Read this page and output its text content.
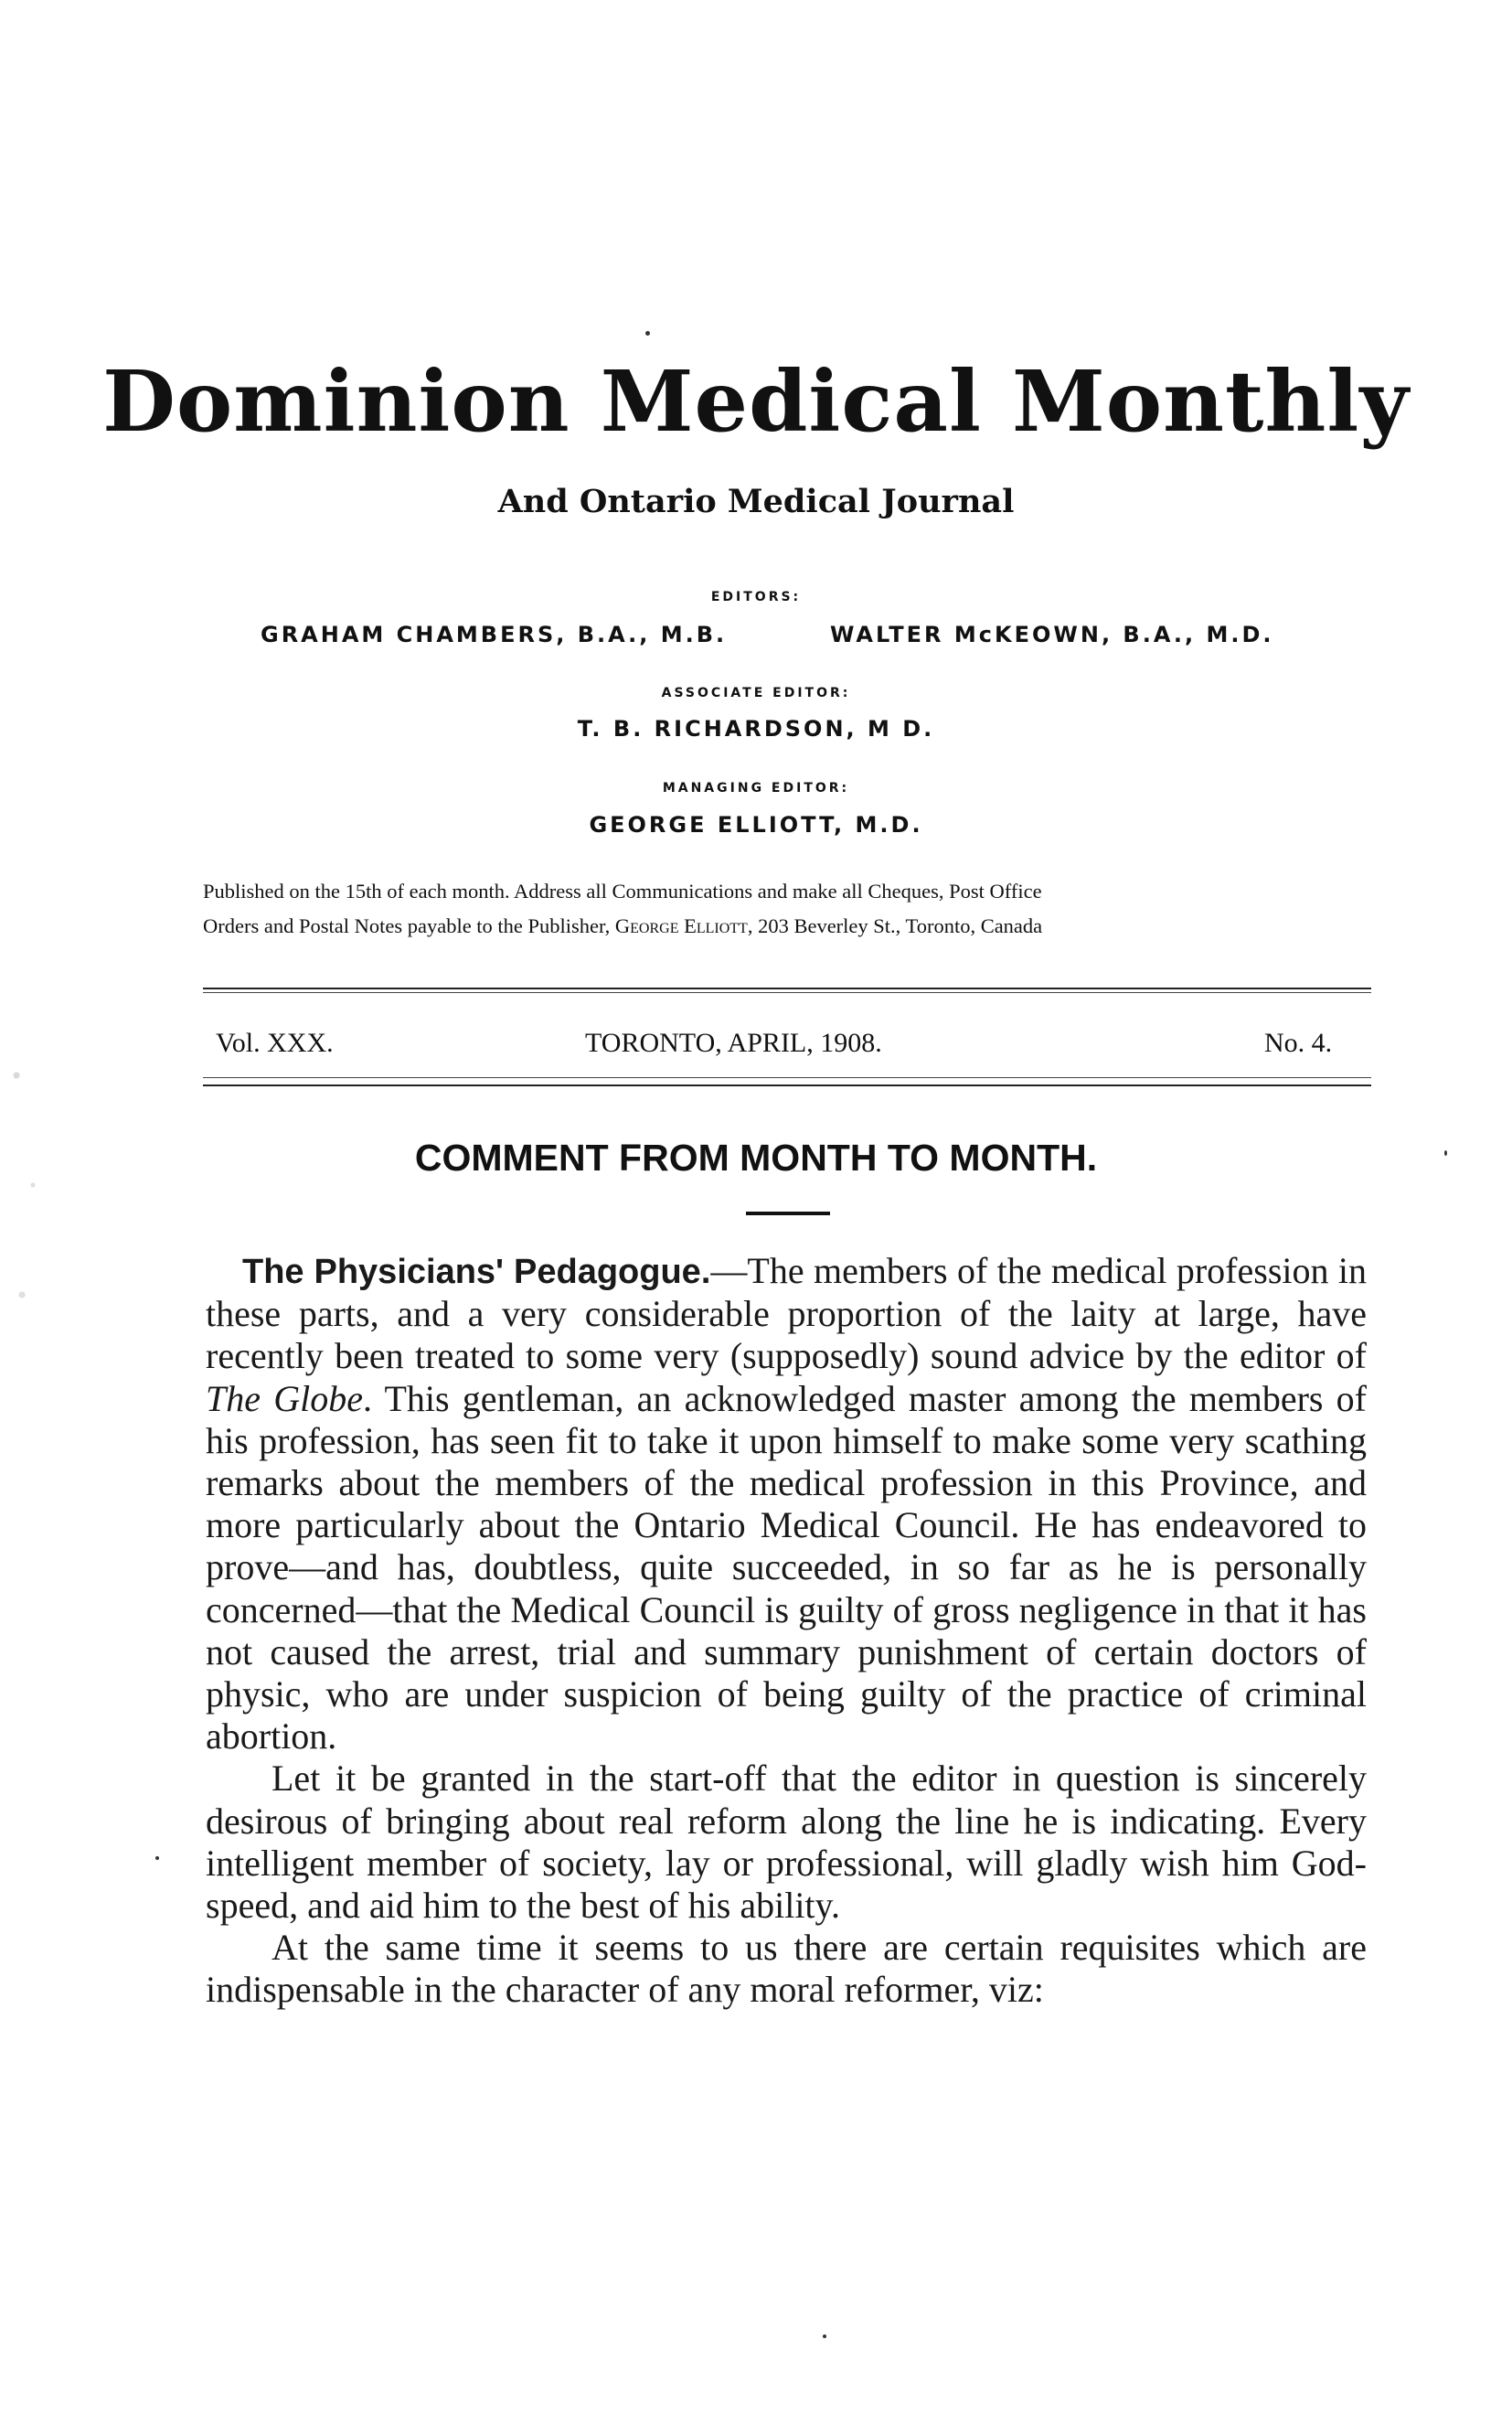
Dominion Medical Monthly
And Ontario Medical Journal
EDITORS:
GRAHAM CHAMBERS, B.A., M.B.	WALTER McKEOWN, B.A., M.D.
ASSOCIATE EDITOR:
T. B. RICHARDSON, M D.
MANAGING EDITOR:
GEORGE ELLIOTT, M.D.
Published on the 15th of each month. Address all Communications and make all Cheques, Post Office
Orders and Postal Notes payable to the Publisher, George Elliott, 203 Beverley St., Toronto, Canada
Vol. XXX.	TORONTO, APRIL, 1908.	No. 4.
COMMENT FROM MONTH TO MONTH.

The Physicians' Pedagogue.—The members of the medical profession in these parts, and a very considerable proportion of the laity at large, have recently been treated to some very (supposedly) sound advice by the editor of The Globe. This gentleman, an acknowledged master among the members of his profession, has seen fit to take it upon himself to make some very scathing remarks about the members of the medical profession in this Province, and more particularly about the Ontario Medical Council. He has endeavored to prove—and has, doubtless, quite succeeded, in so far as he is personally concerned—that the Medical Council is guilty of gross negligence in that it has not caused the arrest, trial and summary punishment of certain doctors of physic, who are under suspicion of being guilty of the practice of criminal abortion.

Let it be granted in the start-off that the editor in question is sincerely desirous of bringing about real reform along the line he is indicating. Every intelligent member of society, lay or professional, will gladly wish him God-speed, and aid him to the best of his ability.

At the same time it seems to us there are certain requisites which are indispensable in the character of any moral reformer, viz:
